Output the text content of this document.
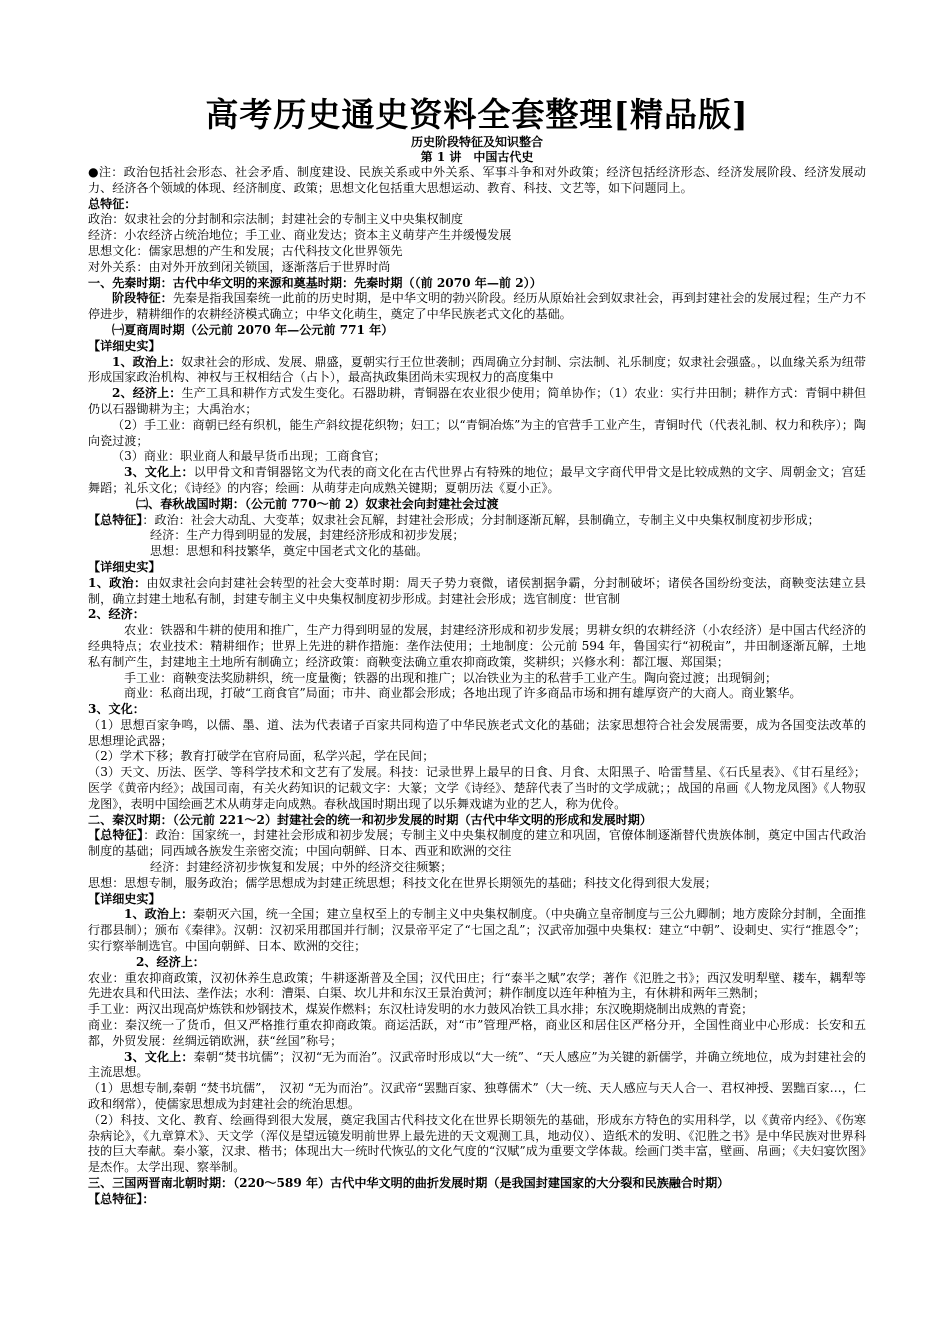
高考历史通史资料全套整理[精品版]
历史阶段特征及知识整合
第 1 讲　中国古代史

●注：政治包括社会形态、社会矛盾、制度建设、民族关系或中外关系、军事斗争和对外政策；经济包括经济形态、经济发展阶段、经济发展动力、经济各个领域的体现、经济制度、政策；思想文化包括重大思想运动、教育、科技、文艺等，如下问题同上。

总特征：

政治：奴隶社会的分封制和宗法制；封建社会的专制主义中央集权制度

经济：小农经济占统治地位；手工业、商业发达；资本主义萌芽产生并缓慢发展

思想文化：儒家思想的产生和发展；古代科技文化世界领先

对外关系：由对外开放到闭关锁国，逐渐落后于世界时尚

一、先秦时期：古代中华文明的来源和奠基时期：先秦时期（（前 2070 年—前 2））

阶段特征：先秦是指我国秦统一此前的历史时期，是中华文明的勃兴阶段。经历从原始社会到奴隶社会，再到封建社会的发展过程；生产力不停进步，精耕细作的农耕经济模式确立；中华文化萌生，奠定了中华民族老式文化的基础。

㈠夏商周时期（公元前 2070 年—公元前 771 年）

【详细史实】

1、政治上：奴隶社会的形成、发展、鼎盛，夏朝实行王位世袭制；西周确立分封制、宗法制、礼乐制度；奴隶社会强盛。，以血缘关系为纽带形成国家政治机构、神权与王权相结合（占卜），最高执政集团尚未实现权力的高度集中

2、经济上：生产工具和耕作方式发生变化。石器助耕，青铜器在农业很少使用；简单协作；（1）农业：实行井田制；耕作方式：青铜中耕但仍以石器锄耕为主；大禹治水；

（2）手工业：商朝已经有织机，能生产斜纹提花织物；妇工；以“青铜冶炼”为主的官营手工业产生，青铜时代（代表礼制、权力和秩序）；陶向瓷过渡；

（3）商业：职业商人和最早货币出现；工商食官；

3、文化上：以甲骨文和青铜器铭文为代表的商文化在古代世界占有特殊的地位；最早文字商代甲骨文是比较成熟的文字、周朝金文；宫廷舞蹈；礼乐文化；《诗经》的内容；绘画：从萌芽走向成熟关键期；夏朝历法《夏小正》。

㈡、春秋战国时期：（公元前 770～前 2）奴隶社会向封建社会过渡

【总特征】：政治：社会大动乱、大变革；奴隶社会瓦解，封建社会形成；分封制逐渐瓦解，县制确立，专制主义中央集权制度初步形成；

经济：生产力得到明显的发展，封建经济形成和初步发展；

思想：思想和科技繁华，奠定中国老式文化的基础。

【详细史实】

1、政治：由奴隶社会向封建社会转型的社会大变革时期：周天子势力衰微，诸侯割据争霸，分封制破坏；诸侯各国纷纷变法，商鞅变法建立县制，确立封建土地私有制，封建专制主义中央集权制度初步形成。封建社会形成；选官制度：世官制

2、经济：

农业：铁器和牛耕的使用和推广，生产力得到明显的发展，封建经济形成和初步发展；男耕女织的农耕经济（小农经济）是中国古代经济的经典特点；农业技术：精耕细作；世界上先进的耕作措施：垄作法使用；土地制度：公元前 594 年，鲁国实行“初税亩”，井田制逐渐瓦解，土地私有制产生，封建地主土地所有制确立；经济政策：商鞅变法确立重农抑商政策，奖耕织；兴修水利：都江堰、郑国渠；

手工业：商鞅变法奖励耕织，统一度量衡；铁器的出现和推广；以冶铁业为主的私营手工业产生。陶向瓷过渡；出现铜剑；

商业：私商出现，打破“工商食官”局面；市井、商业都会形成；各地出现了许多商品市场和拥有雄厚资产的大商人。商业繁华。

3、文化：

（1）思想百家争鸣，以儒、墨、道、法为代表诸子百家共同构造了中华民族老式文化的基础；法家思想符合社会发展需要，成为各国变法改革的思想理论武器；

（2）学术下移；教育打破学在官府局面，私学兴起，学在民间；

（3）天文、历法、医学、等科学技术和文艺有了发展。科技：记录世界上最早的日食、月食、太阳黑子、哈雷彗星、《石氏星表》、《甘石星经》；医学《黄帝内经》；战国司南，有关火药知识的记载文字：大篆；文学《诗经》、楚辞代表了当时的文学成就；；战国的帛画《人物龙凤图》《人物驭龙图》，表明中国绘画艺术从萌芽走向成熟。春秋战国时期出现了以乐舞戏谑为业的艺人，称为优伶。

二、秦汉时期：（公元前 221～2）封建社会的统一和初步发展的时期（古代中华文明的形成和发展时期）

【总特征】：政治：国家统一，封建社会形成和初步发展；专制主义中央集权制度的建立和巩固，官僚体制逐渐替代贵族体制，奠定中国古代政治制度的基础；同西域各族发生亲密交流；中国向朝鲜、日本、西亚和欧洲的交往

经济：封建经济初步恢复和发展；中外的经济交往频繁；

思想：思想专制，服务政治；儒学思想成为封建正统思想；科技文化在世界长期领先的基础；科技文化得到很大发展；

【详细史实】

1、政治上：秦朝灭六国，统一全国；建立皇权至上的专制主义中央集权制度。（中央确立皇帝制度与三公九卿制；地方废除分封制，全面推行郡县制）；颁布《秦律》。汉朝：汉初采用郡国并行制；汉景帝平定了“七国之乱”；汉武帝加强中央集权：建立“中朝”、设刺史、实行“推恩令”；实行察举制选官。中国向朝鲜、日本、欧洲的交往；

2、经济上：

农业：重农抑商政策，汉初休养生息政策；牛耕逐渐普及全国；汉代田庄；行“泰半之赋”农学；著作《氾胜之书》；西汉发明犁壁、耧车，耦犁等先进农具和代田法、垄作法；水利：漕渠、白渠、坎儿井和东汉王景治黄河；耕作制度以连年种植为主，有休耕和两年三熟制；

手工业：两汉出现高炉炼铁和炒钢技术，煤炭作燃料；东汉杜诗发明的水力鼓风冶铁工具水排；东汉晚期烧制出成熟的青瓷；

商业：秦汉统一了货币，但又严格推行重农抑商政策。商运活跃，对“市”管理严格，商业区和居住区严格分开，全国性商业中心形成：长安和五都，外贸发展：丝绸远销欧洲，获“丝国”称号；

3、文化上：秦朝“焚书坑儒”；汉初“无为而治”。汉武帝时形成以“大一统”、“天人感应”为关键的新儒学，并确立统地位，成为封建社会的主流思想。

（1）思想专制,秦朝 “焚书坑儒”，　汉初 “无为而治”。汉武帝“罢黜百家、独尊儒术”（大一统、天人感应与天人合一、君权神授、罢黜百家…，仁政和纲常），使儒家思想成为封建社会的统治思想。

（2）科技、文化、教育、绘画得到很大发展，奠定我国古代科技文化在世界长期领先的基础，形成东方特色的实用科学，以《黄帝内经》、《伤寒杂病论》，《九章算术》、天文学（浑仪是望远镜发明前世界上最先进的天文观测工具，地动仪）、造纸术的发明、《氾胜之书》是中华民族对世界科技的巨大奉献。秦小篆，汉隶、楷书；体现出大一统时代恢弘的文化气度的“汉赋”成为重要文学体裁。绘画门类丰富，壁画、帛画；《夫妇宴饮图》是杰作。太学出现、察举制。

三、三国两晋南北朝时期：（220～589 年）古代中华文明的曲折发展时期（是我国封建国家的大分裂和民族融合时期）

【总特征】：
